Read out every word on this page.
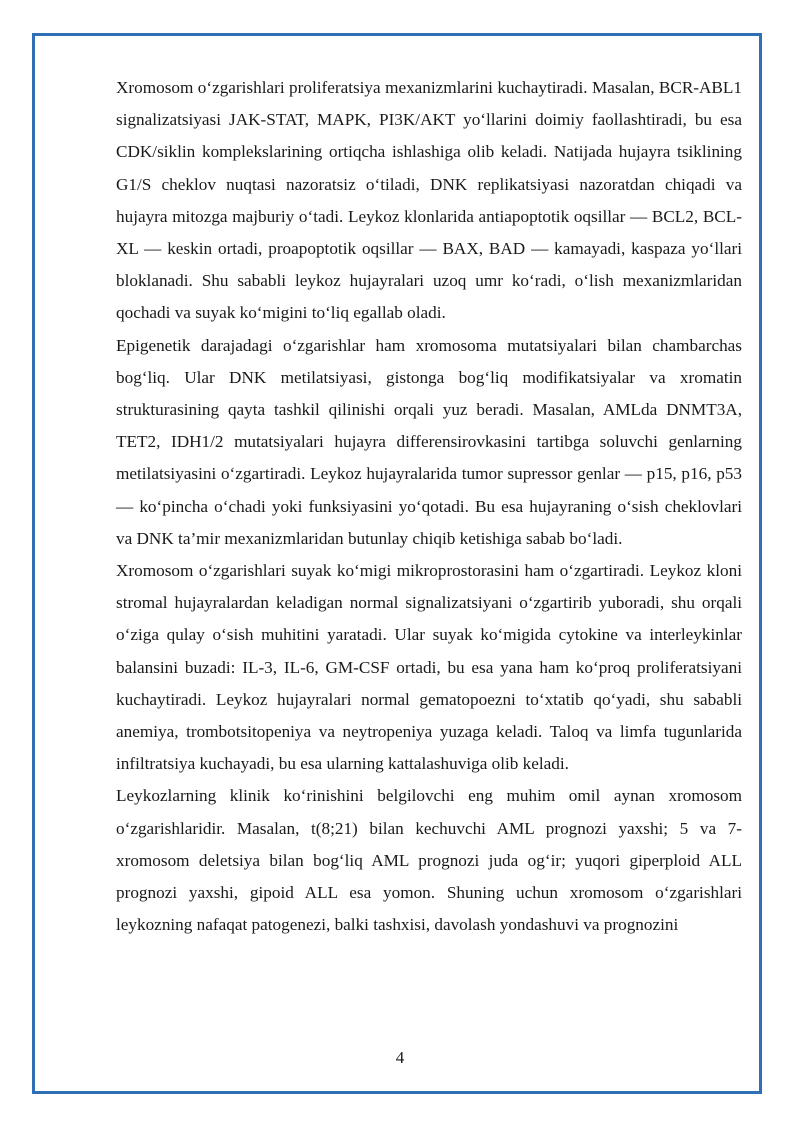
Xromosom o‘zgarishlari proliferatsiya mexanizmlarini kuchaytiradi. Masalan, BCR-ABL1 signalizatsiyasi JAK-STAT, MAPK, PI3K/AKT yo‘llarini doimiy faollashtiradi, bu esa CDK/siklin komplekslarining ortiqcha ishlashiga olib keladi. Natijada hujayra tsiklining G1/S cheklov nuqtasi nazoratsiz o‘tiladi, DNK replikatsiyasi nazoratdan chiqadi va hujayra mitozga majburiy o‘tadi. Leykoz klonlarida antiapoptotik oqsillar — BCL2, BCL-XL — keskin ortadi, proapoptotik oqsillar — BAX, BAD — kamayadi, kaspaza yo‘llari bloklanadi. Shu sababli leykoz hujayralari uzoq umr ko‘radi, o‘lish mexanizmlaridan qochadi va suyak ko‘migini to‘liq egallab oladi.

Epigenetik darajadagi o‘zgarishlar ham xromosoma mutatsiyalari bilan chambarchas bog‘liq. Ular DNK metilatsiyasi, gistonga bog‘liq modifikatsiyalar va xromatin strukturasining qayta tashkil qilinishi orqali yuz beradi. Masalan, AMLda DNMT3A, TET2, IDH1/2 mutatsiyalari hujayra differensirovkasini tartibga soluvchi genlarning metilatsiyasini o‘zgartiradi. Leykoz hujayralarida tumor supressor genlar — p15, p16, p53 — ko‘pincha o‘chadi yoki funksiyasini yo‘qotadi. Bu esa hujayraning o‘sish cheklovlari va DNK ta’mir mexanizmlaridan butunlay chiqib ketishiga sabab bo‘ladi.

Xromosom o‘zgarishlari suyak ko‘migi mikroprostorasini ham o‘zgartiradi. Leykoz kloni stromal hujayralardan keladigan normal signalizatsiyani o‘zgartirib yuboradi, shu orqali o‘ziga qulay o‘sish muhitini yaratadi. Ular suyak ko‘migida cytokine va interleykinlar balansini buzadi: IL-3, IL-6, GM-CSF ortadi, bu esa yana ham ko‘proq proliferatsiyani kuchaytiradi. Leykoz hujayralari normal gematopoezni to‘xtatib qo‘yadi, shu sababli anemiya, trombotsitopeniya va neytropeniya yuzaga keladi. Taloq va limfa tugunlarida infiltratsiya kuchayadi, bu esa ularning kattalashuviga olib keladi.

Leykozlarning klinik ko‘rinishini belgilovchi eng muhim omil aynan xromosom o‘zgarishlaridir. Masalan, t(8;21) bilan kechuvchi AML prognozi yaxshi; 5 va 7-xromosom deletsiya bilan bog‘liq AML prognozi juda og‘ir; yuqori giperploid ALL prognozi yaxshi, gipoid ALL esa yomon. Shuning uchun xromosom o‘zgarishlari leykozning nafaqat patogenezi, balki tashxisi, davolash yondashuvi va prognozini

4
